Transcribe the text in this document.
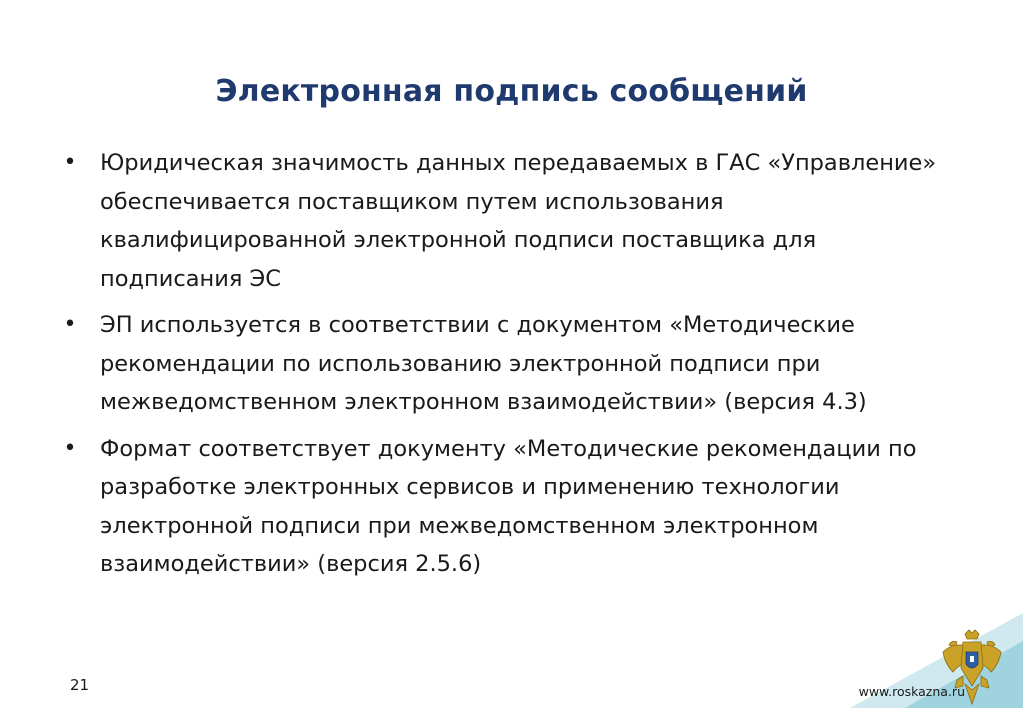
Электронная подпись сообщений
• Юридическая значимость данных передаваемых в ГАС «Управление» обеспечивается поставщиком путем использования квалифицированной электронной подписи поставщика для подписания ЭС
• ЭП используется в соответствии с документом «Методические рекомендации по использованию электронной подписи при межведомственном электронном взаимодействии» (версия 4.3)
• Формат соответствует документу «Методические рекомендации по разработке электронных сервисов и применению технологии электронной подписи при межведомственном электронном взаимодействии» (версия 2.5.6)
21	www.roskazna.ru
